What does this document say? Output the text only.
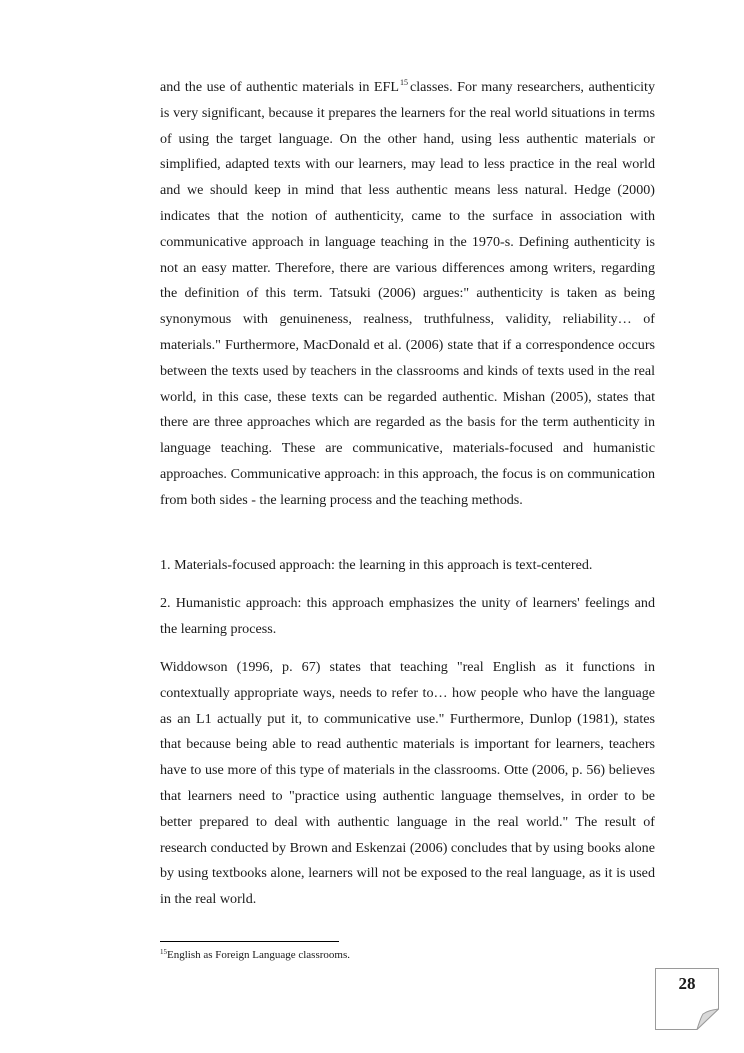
and the use of authentic materials in EFL$^{15}$ classes. For many researchers, authenticity is very significant, because it prepares the learners for the real world situations in terms of using the target language. On the other hand, using less authentic materials or simplified, adapted texts with our learners, may lead to less practice in the real world and we should keep in mind that less authentic means less natural. Hedge (2000) indicates that the notion of authenticity, came to the surface in association with communicative approach in language teaching in the 1970-s. Defining authenticity is not an easy matter. Therefore, there are various differences among writers, regarding the definition of this term. Tatsuki (2006) argues:" authenticity is taken as being synonymous with genuineness, realness, truthfulness, validity, reliability… of materials." Furthermore, MacDonald et al. (2006) state that if a correspondence occurs between the texts used by teachers in the classrooms and kinds of texts used in the real world, in this case, these texts can be regarded authentic. Mishan (2005), states that there are three approaches which are regarded as the basis for the term authenticity in language teaching. These are communicative, materials-focused and humanistic approaches. Communicative approach: in this approach, the focus is on communication from both sides - the learning process and the teaching methods.
1. Materials-focused approach: the learning in this approach is text-centered.
2. Humanistic approach: this approach emphasizes the unity of learners' feelings and the learning process.
Widdowson (1996, p. 67) states that teaching "real English as it functions in contextually appropriate ways, needs to refer to… how people who have the language as an L1 actually put it, to communicative use." Furthermore, Dunlop (1981), states that because being able to read authentic materials is important for learners, teachers have to use more of this type of materials in the classrooms. Otte (2006, p. 56) believes that learners need to "practice using authentic language themselves, in order to be better prepared to deal with authentic language in the real world." The result of research conducted by Brown and Eskenzai (2006) concludes that by using books alone by using textbooks alone, learners will not be exposed to the real language, as it is used in the real world.
$^{15}$English as Foreign Language classrooms.
28
